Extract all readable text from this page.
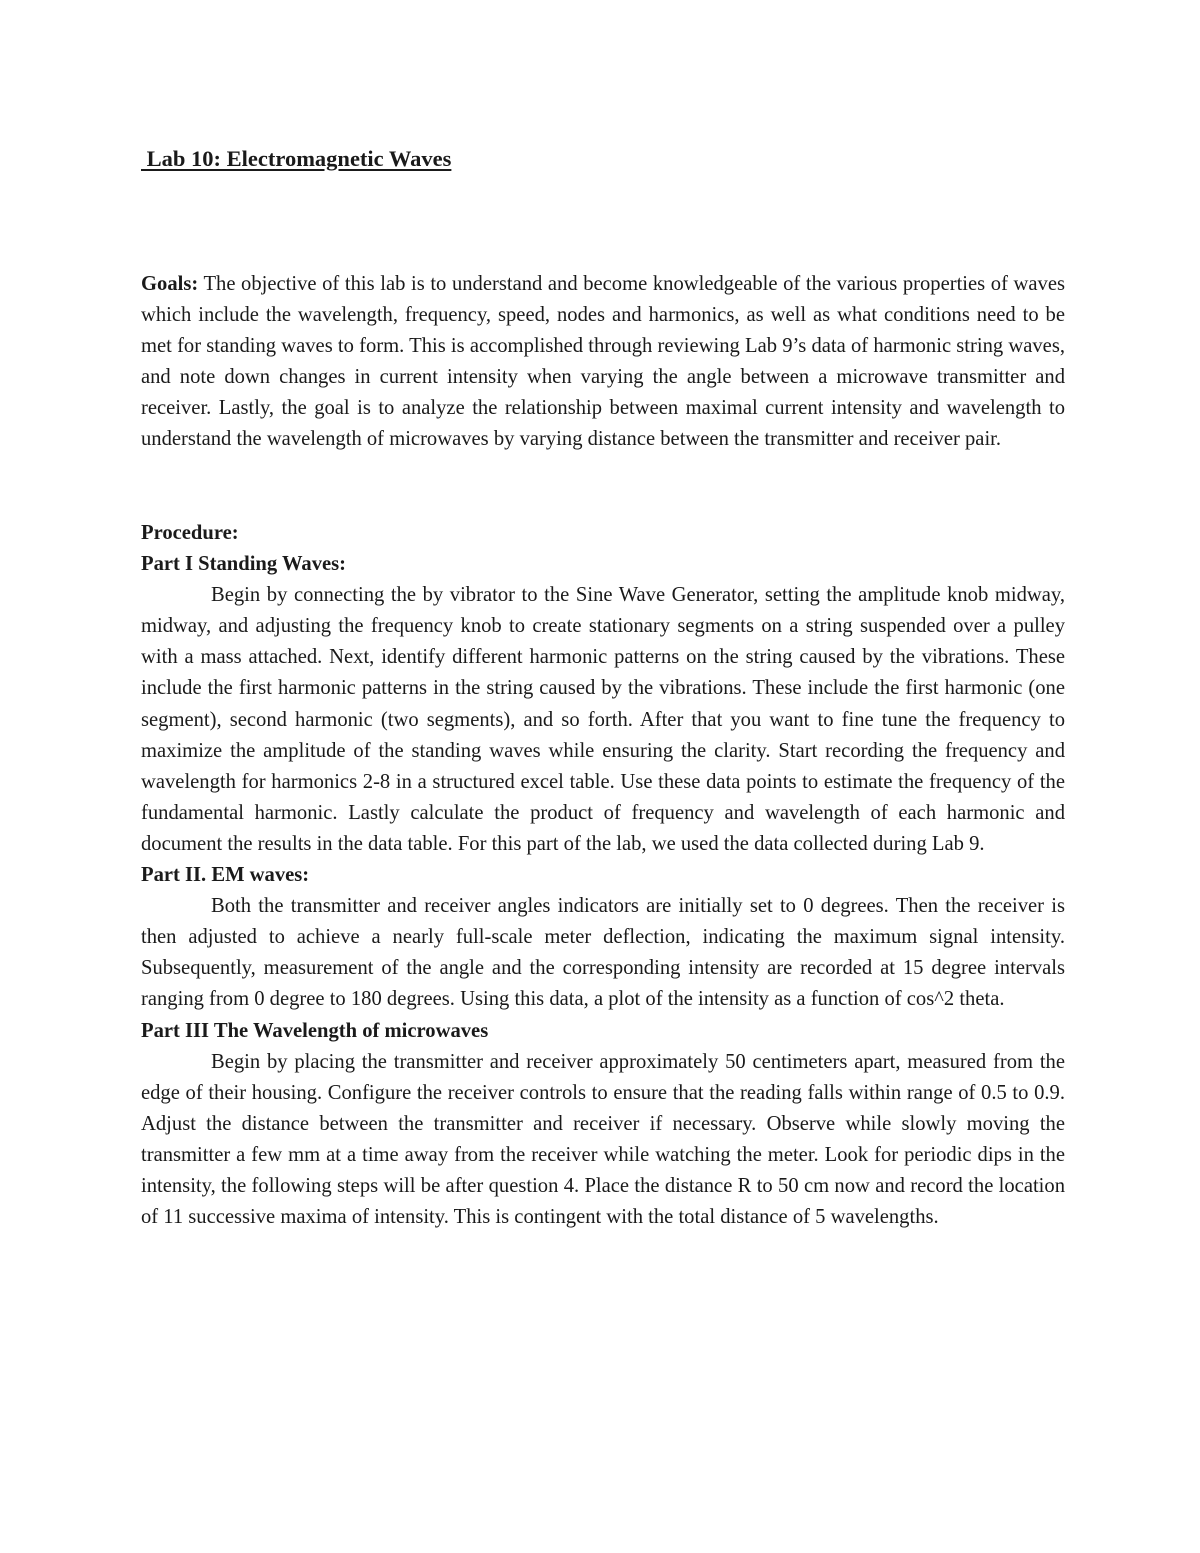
Lab 10: Electromagnetic Waves

Goals: The objective of this lab is to understand and become knowledgeable of the various properties of waves which include the wavelength, frequency, speed, nodes and harmonics, as well as what conditions need to be met for standing waves to form. This is accomplished through reviewing Lab 9’s data of harmonic string waves, and note down changes in current intensity when varying the angle between a microwave transmitter and receiver. Lastly, the goal is to analyze the relationship between maximal current intensity and wavelength to understand the wavelength of microwaves by varying distance between the transmitter and receiver pair.

Procedure:
Part I Standing Waves:

Begin by connecting the by vibrator to the Sine Wave Generator, setting the amplitude knob midway, midway, and adjusting the frequency knob to create stationary segments on a string suspended over a pulley with a mass attached. Next, identify different harmonic patterns on the string caused by the vibrations. These include the first harmonic patterns in the string caused by the vibrations. These include the first harmonic (one segment), second harmonic (two segments), and so forth. After that you want to fine tune the frequency to maximize the amplitude of the standing waves while ensuring the clarity. Start recording the frequency and wavelength for harmonics 2-8 in a structured excel table. Use these data points to estimate the frequency of the fundamental harmonic. Lastly calculate the product of frequency and wavelength of each harmonic and document the results in the data table. For this part of the lab, we used the data collected during Lab 9.

Part II. EM waves:

Both the transmitter and receiver angles indicators are initially set to 0 degrees. Then the receiver is then adjusted to achieve a nearly full-scale meter deflection, indicating the maximum signal intensity. Subsequently, measurement of the angle and the corresponding intensity are recorded at 15 degree intervals ranging from 0 degree to 180 degrees. Using this data, a plot of the intensity as a function of cos^2 theta.

Part III The Wavelength of microwaves

Begin by placing the transmitter and receiver approximately 50 centimeters apart, measured from the edge of their housing. Configure the receiver controls to ensure that the reading falls within range of 0.5 to 0.9. Adjust the distance between the transmitter and receiver if necessary. Observe while slowly moving the transmitter a few mm at a time away from the receiver while watching the meter. Look for periodic dips in the intensity, the following steps will be after question 4. Place the distance R to 50 cm now and record the location of 11 successive maxima of intensity. This is contingent with the total distance of 5 wavelengths.
